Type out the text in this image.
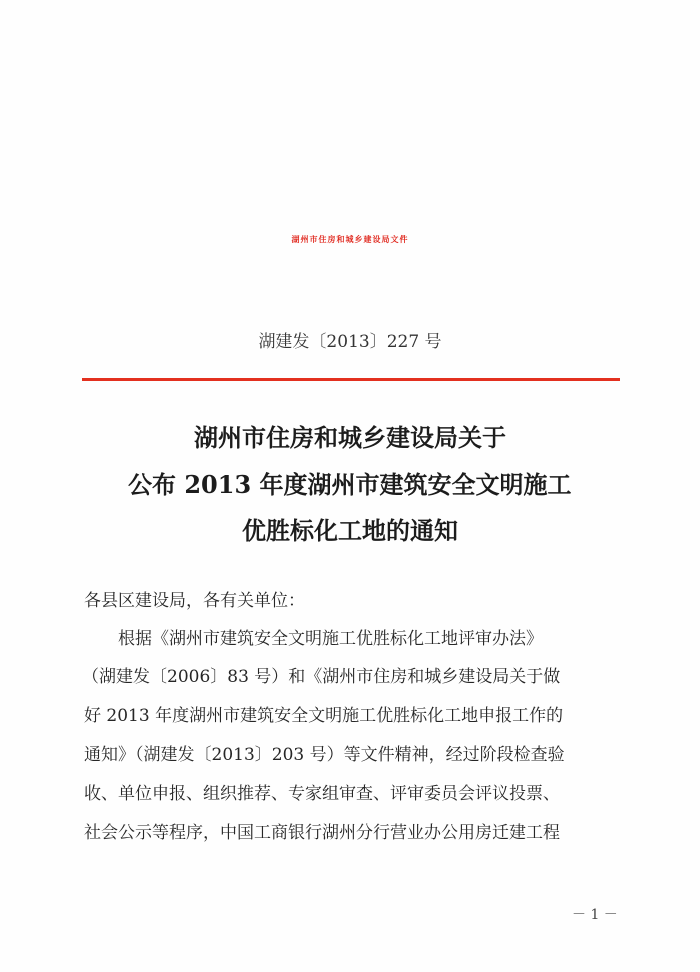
湖州市住房和城乡建设局文件
湖建发〔2013〕227 号
湖州市住房和城乡建设局关于
公布 2013 年度湖州市建筑安全文明施工
优胜标化工地的通知
各县区建设局，各有关单位：
根据《湖州市建筑安全文明施工优胜标化工地评审办法》
（湖建发〔2006〕83 号）和《湖州市住房和城乡建设局关于做
好 2013 年度湖州市建筑安全文明施工优胜标化工地申报工作的
通知》（湖建发〔2013〕203 号）等文件精神，经过阶段检查验
收、单位申报、组织推荐、专家组审查、评审委员会评议投票、
社会公示等程序，中国工商银行湖州分行营业办公用房迁建工程
－ 1 －
